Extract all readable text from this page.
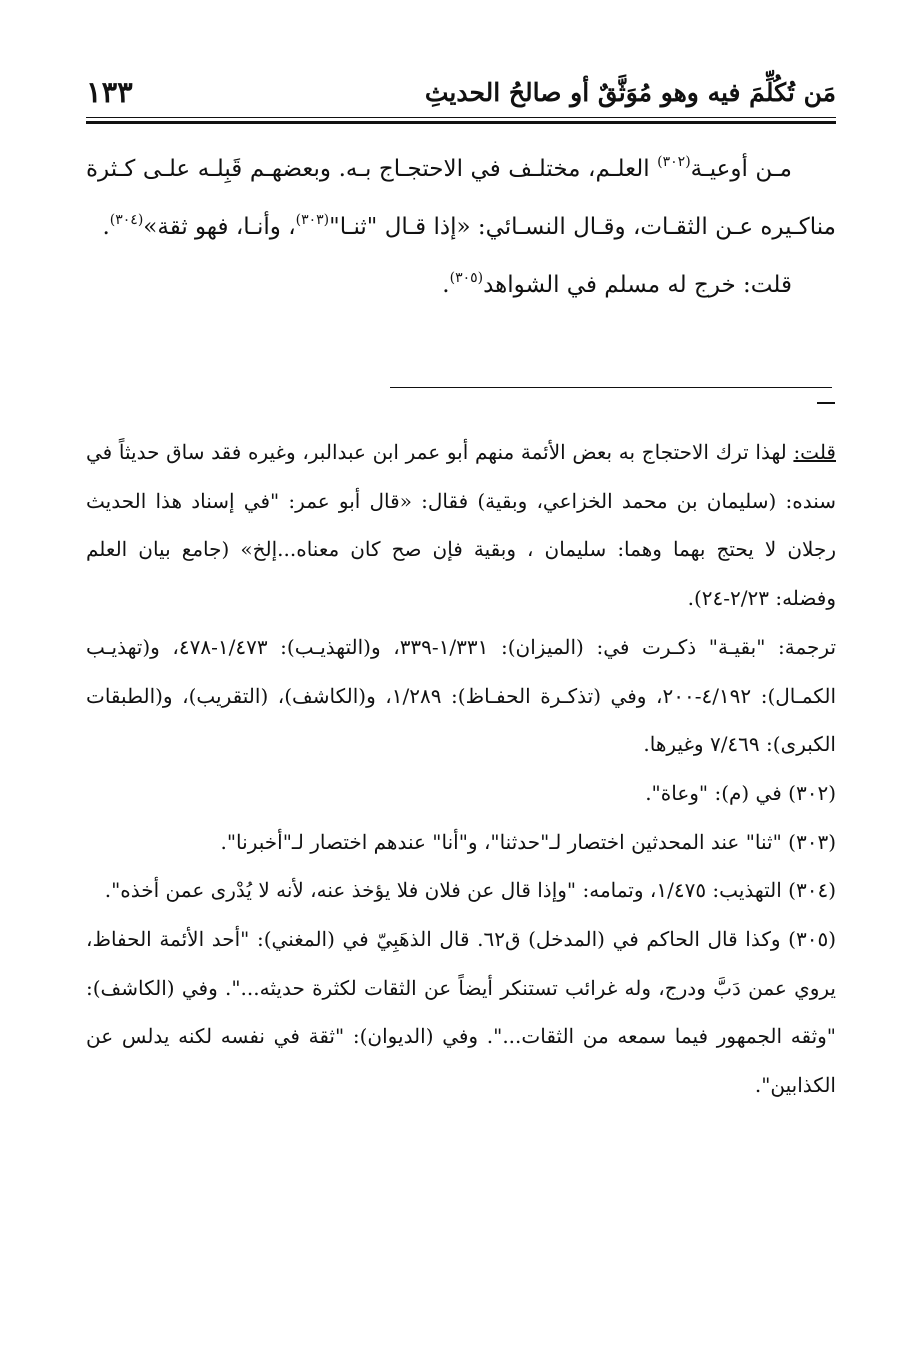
مَن تُكُلِّمَ فيه وهو مُوَثَّقٌ أو صالحُ الحديثِ
١٣٣

مـن أوعيـة$^{(٣٠٢)}$ العلـم، مختلـف في الاحتجـاج بـه. وبعضهـم قَبِلـه علـى كـثرة مناكـيره عـن الثقـات، وقـال النسـائي: «إذا قـال "ثنـا"$^{(٣٠٣)}$، وأنـا، فهو ثقة»$^{(٣٠٤)}$.

قلت: خرج له مسلم في الشواهد$^{(٣٠٥)}$.

قلت: لهذا ترك الاحتجاج به بعض الأئمة منهم أبو عمر ابن عبدالبر، وغيره فقد ساق حديثاً في سنده: (سليمان بن محمد الخزاعي، وبقية) فقال: «قال أبو عمر: "في إسناد هذا الحديث رجلان لا يحتج بهما وهما: سليمان ، وبقية فإن صح كان معناه...إلخ» (جامع بيان العلم وفضله: ٢/٢٣-٢٤).

ترجمة: "بقيـة" ذكـرت في: (الميزان): ١/٣٣١-٣٣٩، و(التهذيـب): ١/٤٧٣-٤٧٨، و(تهذيـب الكمـال): ٤/١٩٢-٢٠٠، وفي (تذكـرة الحفـاظ): ١/٢٨٩، و(الكاشف)، (التقريب)، و(الطبقات الكبرى): ٧/٤٦٩ وغيرها.

(٣٠٢) في (م): "وعاة".

(٣٠٣) "ثنا" عند المحدثين اختصار لـ"حدثنا"، و"أنا" عندهم اختصار لـ"أخبرنا".

(٣٠٤) التهذيب: ١/٤٧٥، وتمامه: "وإذا قال عن فلان فلا يؤخذ عنه، لأنه لا يُدْرى عمن أخذه".

(٣٠٥) وكذا قال الحاكم في (المدخل) ق٦٢. قال الذهَبِيّ في (المغني): "أحد الأئمة الحفاظ، يروي عمن دَبَّ ودرج، وله غرائب تستنكر أيضاً عن الثقات لكثرة حديثه...". وفي (الكاشف): "وثقه الجمهور فيما سمعه من الثقات...". وفي (الديوان): "ثقة في نفسه لكنه يدلس عن الكذابين".
